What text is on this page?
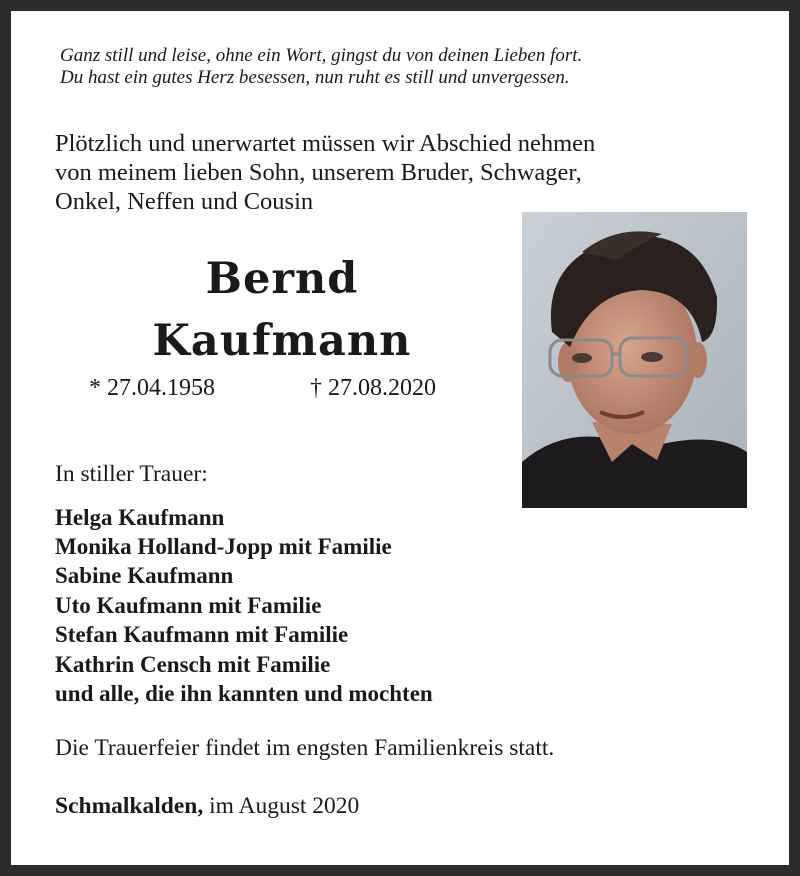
Ganz still und leise, ohne ein Wort, gingst du von deinen Lieben fort.
Du hast ein gutes Herz besessen, nun ruht es still und unvergessen.
Plötzlich und unerwartet müssen wir Abschied nehmen
von meinem lieben Sohn, unserem Bruder, Schwager,
Onkel, Neffen und Cousin
Bernd
Kaufmann
* 27.04.1958	† 27.08.2020
In stiller Trauer:
Helga Kaufmann
Monika Holland-Jopp mit Familie
Sabine Kaufmann
Uto Kaufmann mit Familie
Stefan Kaufmann mit Familie
Kathrin Censch mit Familie
und alle, die ihn kannten und mochten
Die Trauerfeier findet im engsten Familienkreis statt.
Schmalkalden, im August 2020
